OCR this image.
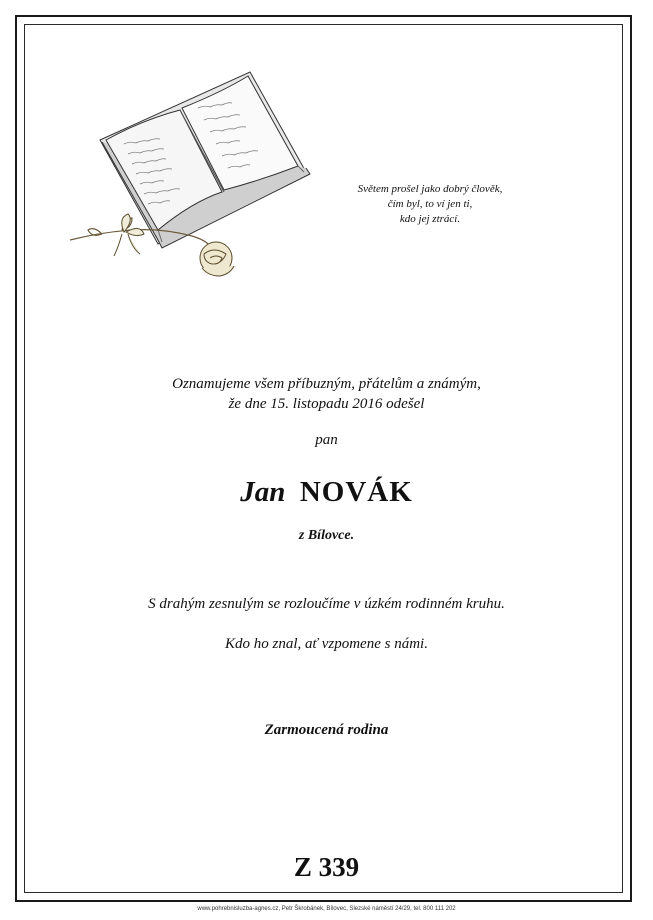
Světem prošel jako dobrý člověk,
čím byl, to ví jen ti,
kdo jej ztrácí.
Oznamujeme všem příbuzným, přátelům a známým,
že dne 15. listopadu 2016 odešel
pan
Jan NOVÁK
z Bílovce.
S drahým zesnulým se rozloučíme v úzkém rodinném kruhu.
Kdo ho znal, ať vzpomene s námi.
Zarmoucená rodina
Z 339
www.pohrebnisluzba-agnes.cz, Petr Škrobánek, Bílovec, Slezské náměstí 24/29, tel. 800 111 202
